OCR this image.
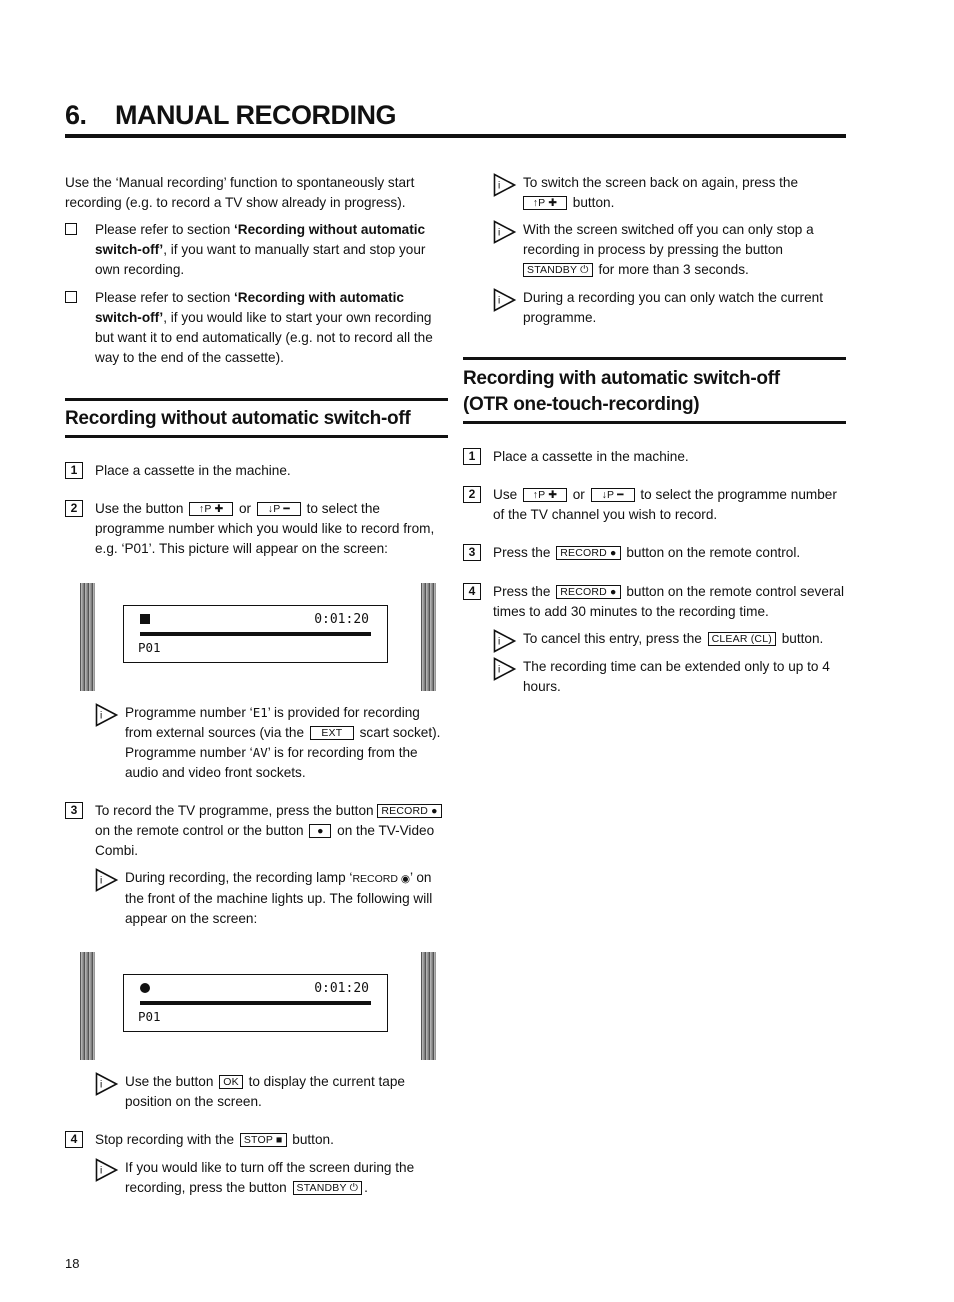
6. MANUAL RECORDING
Use the ‘Manual recording’ function to spontaneously start recording (e.g. to record a TV show already in progress).
Please refer to section ‘Recording without automatic switch-off’, if you want to manually start and stop your own recording.
Please refer to section ‘Recording with automatic switch-off’, if you would like to start your own recording but want it to end automatically (e.g. not to record all the way to the end of the cassette).
Recording without automatic switch-off
1	Place a cassette in the machine.
2	Use the button ↑P ✚ or ↓P ━ to select the programme number which you would like to record from, e.g. ‘P01’. This picture will appear on the screen:
0:01:20
P01
i Programme number ‘E1’ is provided for recording from external sources (via the EXT scart socket). Programme number ‘AV’ is for recording from the audio and video front sockets.
3	To record the TV programme, press the button RECORD ● on the remote control or the button ● on the TV-Video Combi.
i During recording, the recording lamp ‘RECORD ◉’ on the front of the machine lights up. The following will appear on the screen:
0:01:20
P01
i Use the button OK to display the current tape position on the screen.
4	Stop recording with the STOP ■ button.
i If you would like to turn off the screen during the recording, press the button STANDBY ⏻ .
i To switch the screen back on again, press the ↑P ✚ button.
i With the screen switched off you can only stop a recording in process by pressing the button STANDBY ⏻ for more than 3 seconds.
i During a recording you can only watch the current programme.
Recording with automatic switch-off
(OTR one-touch-recording)
1	Place a cassette in the machine.
2	Use ↑P ✚ or ↓P ━ to select the programme number of the TV channel you wish to record.
3	Press the RECORD ● button on the remote control.
4	Press the RECORD ● button on the remote control several times to add 30 minutes to the recording time.
i To cancel this entry, press the CLEAR (CL) button.
i The recording time can be extended only to up to 4 hours.
18
